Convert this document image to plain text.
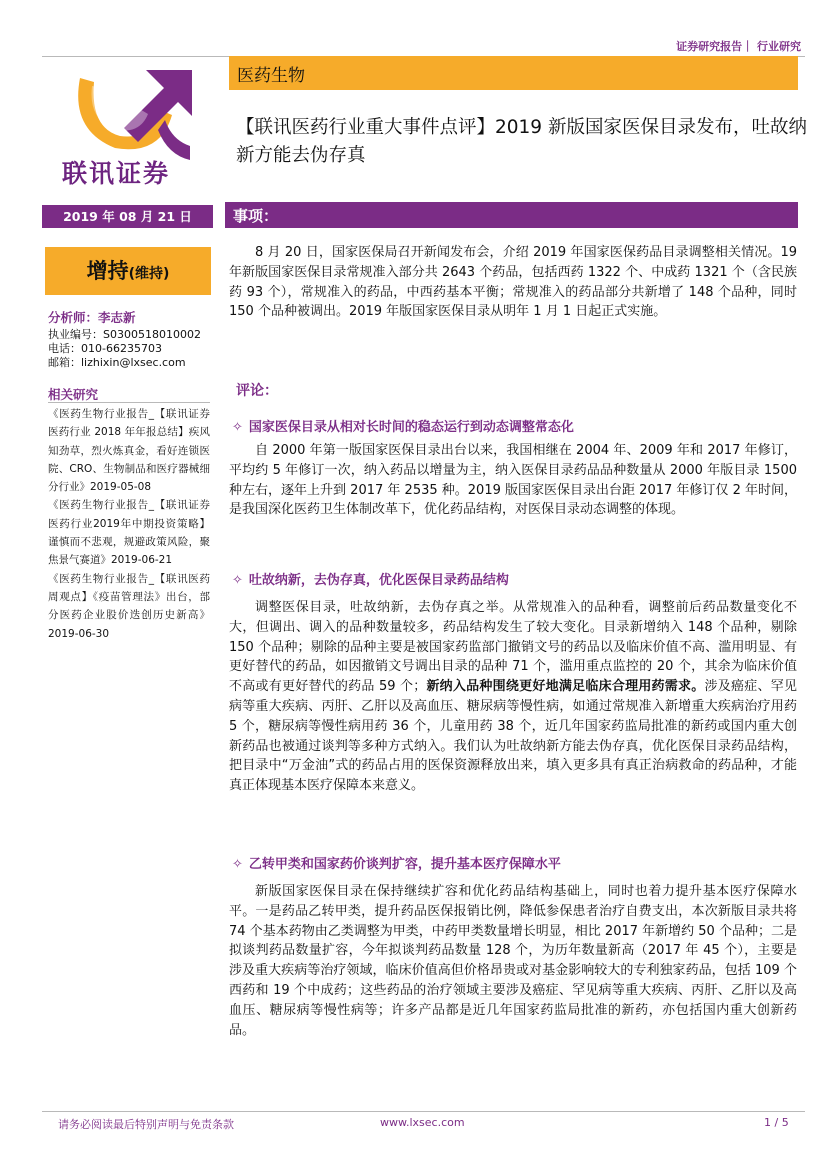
证券研究报告｜ 行业研究
联讯证券
医药生物
【联讯医药行业重大事件点评】2019 新版国家医保目录发布，吐故纳新方能去伪存真
2019 年 08 月 21 日	事项：
增持(维持)
分析师：李志新
执业编号：S0300518010002
电话：010-66235703
邮箱：lizhixin@lxsec.com
相关研究

《医药生物行业报告_【联讯证券医药行业 2018 年年报总结】疾风知劲草，烈火炼真金，看好连锁医院、CRO、生物制品和医疗器械细分行业》2019-05-08

《医药生物行业报告_【联讯证券医药行业2019年中期投资策略】谨慎而不悲观，规避政策风险，聚焦景气赛道》2019-06-21

《医药生物行业报告_【联讯医药周观点】《疫苗管理法》出台，部分医药企业股价迭创历史新高》2019-06-30

8 月 20 日，国家医保局召开新闻发布会，介绍 2019 年国家医保药品目录调整相关情况。19 年新版国家医保目录常规准入部分共 2643 个药品，包括西药 1322 个、中成药 1321 个（含民族药 93 个），常规准入的药品，中西药基本平衡；常规准入的药品部分共新增了 148 个品种，同时 150 个品种被调出。2019 年版国家医保目录从明年 1 月 1 日起正式实施。

评论：
✧ 国家医保目录从相对长时间的稳态运行到动态调整常态化

自 2000 年第一版国家医保目录出台以来，我国相继在 2004 年、2009 年和 2017 年修订，平均约 5 年修订一次，纳入药品以增量为主，纳入医保目录药品品种数量从 2000 年版目录 1500 种左右，逐年上升到 2017 年 2535 种。2019 版国家医保目录出台距 2017 年修订仅 2 年时间，是我国深化医药卫生体制改革下，优化药品结构，对医保目录动态调整的体现。

✧ 吐故纳新，去伪存真，优化医保目录药品结构

调整医保目录，吐故纳新，去伪存真之举。从常规准入的品种看，调整前后药品数量变化不大，但调出、调入的品种数量较多，药品结构发生了较大变化。目录新增纳入 148 个品种，剔除 150 个品种；剔除的品种主要是被国家药监部门撤销文号的药品以及临床价值不高、滥用明显、有更好替代的药品，如因撤销文号调出目录的品种 71 个，滥用重点监控的 20 个，其余为临床价值不高或有更好替代的药品 59 个；新纳入品种围绕更好地满足临床合理用药需求。涉及癌症、罕见病等重大疾病、丙肝、乙肝以及高血压、糖尿病等慢性病，如通过常规准入新增重大疾病治疗用药 5 个，糖尿病等慢性病用药 36 个，儿童用药 38 个，近几年国家药监局批准的新药或国内重大创新药品也被通过谈判等多种方式纳入。我们认为吐故纳新方能去伪存真，优化医保目录药品结构，把目录中“万金油”式的药品占用的医保资源释放出来，填入更多具有真正治病救命的药品种，才能真正体现基本医疗保障本来意义。

✧ 乙转甲类和国家药价谈判扩容，提升基本医疗保障水平

新版国家医保目录在保持继续扩容和优化药品结构基础上，同时也着力提升基本医疗保障水平。一是药品乙转甲类，提升药品医保报销比例，降低参保患者治疗自费支出，本次新版目录共将 74 个基本药物由乙类调整为甲类，中药甲类数量增长明显，相比 2017 年新增约 50 个品种；二是拟谈判药品数量扩容，今年拟谈判药品数量 128 个，为历年数量新高（2017 年 45 个），主要是涉及重大疾病等治疗领域，临床价值高但价格昂贵或对基金影响较大的专利独家药品，包括 109 个西药和 19 个中成药；这些药品的治疗领域主要涉及癌症、罕见病等重大疾病、丙肝、乙肝以及高血压、糖尿病等慢性病等；许多产品都是近几年国家药监局批准的新药，亦包括国内重大创新药品。

请务必阅读最后特别声明与免责条款	www.lxsec.com	1 / 5
